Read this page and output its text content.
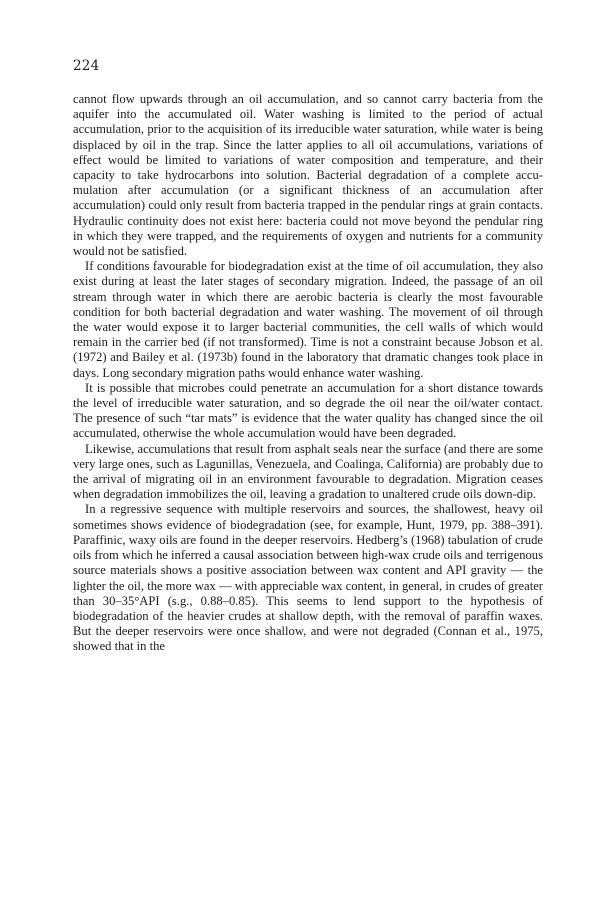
224

cannot flow upwards through an oil accumulation, and so cannot carry bacteria from the aquifer into the accumulated oil. Water washing is limited to the period of actual accumulation, prior to the acquisition of its irreducible water saturation, while water is being displaced by oil in the trap. Since the latter applies to all oil accumulations, variations of effect would be limited to variations of water composition and temperature, and their capacity to take hydrocarbons into solution. Bacterial degradation of a complete accumulation after accumulation (or a significant thickness of an accumulation after accumulation) could only result from bacteria trapped in the pendular rings at grain contacts. Hydraulic continuity does not exist here: bacteria could not move beyond the pendular ring in which they were trapped, and the requirements of oxygen and nutrients for a community would not be satisfied.

If conditions favourable for biodegradation exist at the time of oil accumulation, they also exist during at least the later stages of secondary migration. Indeed, the passage of an oil stream through water in which there are aerobic bacteria is clearly the most favourable condition for both bacterial degradation and water washing. The movement of oil through the water would expose it to larger bacterial communities, the cell walls of which would remain in the carrier bed (if not transformed). Time is not a constraint because Jobson et al. (1972) and Bailey et al. (1973b) found in the laboratory that dramatic changes took place in days. Long secondary migration paths would enhance water washing.

It is possible that microbes could penetrate an accumulation for a short distance towards the level of irreducible water saturation, and so degrade the oil near the oil/water contact. The presence of such “tar mats” is evidence that the water quality has changed since the oil accumulated, otherwise the whole accumulation would have been degraded.

Likewise, accumulations that result from asphalt seals near the surface (and there are some very large ones, such as Lagunillas, Venezuela, and Coalinga, California) are probably due to the arrival of migrating oil in an environment favourable to degradation. Migration ceases when degradation immobilizes the oil, leaving a gradation to unaltered crude oils down-dip.

In a regressive sequence with multiple reservoirs and sources, the shallowest, heavy oil sometimes shows evidence of biodegradation (see, for example, Hunt, 1979, pp. 388–391). Paraffinic, waxy oils are found in the deeper reservoirs. Hedberg’s (1968) tabulation of crude oils from which he inferred a causal association between high-wax crude oils and terrigenous source materials shows a positive association between wax content and API gravity — the lighter the oil, the more wax — with appreciable wax content, in general, in crudes of greater than 30–35°API (s.g., 0.88–0.85). This seems to lend support to the hypothesis of biodegradation of the heavier crudes at shallow depth, with the removal of paraffin waxes. But the deeper reservoirs were once shallow, and were not degraded (Connan et al., 1975, showed that in the
